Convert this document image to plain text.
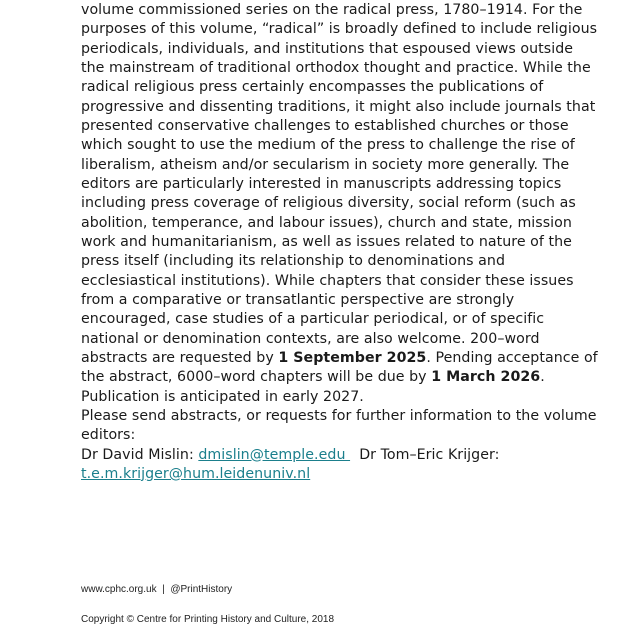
volume commissioned series on the radical press, 1780–1914. For the
purposes of this volume, “radical” is broadly defined to include religious
periodicals, individuals, and institutions that espoused views outside
the mainstream of traditional orthodox thought and practice. While the
radical religious press certainly encompasses the publications of
progressive and dissenting traditions, it might also include journals that
presented conservative challenges to established churches or those
which sought to use the medium of the press to challenge the rise of
liberalism, atheism and/or secularism in society more generally. The
editors are particularly interested in manuscripts addressing topics
including press coverage of religious diversity, social reform (such as
abolition, temperance, and labour issues), church and state, mission
work and humanitarianism, as well as issues related to nature of the
press itself (including its relationship to denominations and
ecclesiastical institutions). While chapters that consider these issues
from a comparative or transatlantic perspective are strongly
encouraged, case studies of a particular periodical, or of specific
national or denomination contexts, are also welcome. 200–word
abstracts are requested by 1 September 2025. Pending acceptance of
the abstract, 6000–word chapters will be due by 1 March 2026.
Publication is anticipated in early 2027.
Please send abstracts, or requests for further information to the volume
editors:
Dr David Mislin: dmislin@temple.edu   Dr Tom–Eric Krijger:
t.e.m.krijger@hum.leidenuniv.nl
www.cphc.org.uk | @PrintHistory
Copyright © Centre for Printing History and Culture, 2018
